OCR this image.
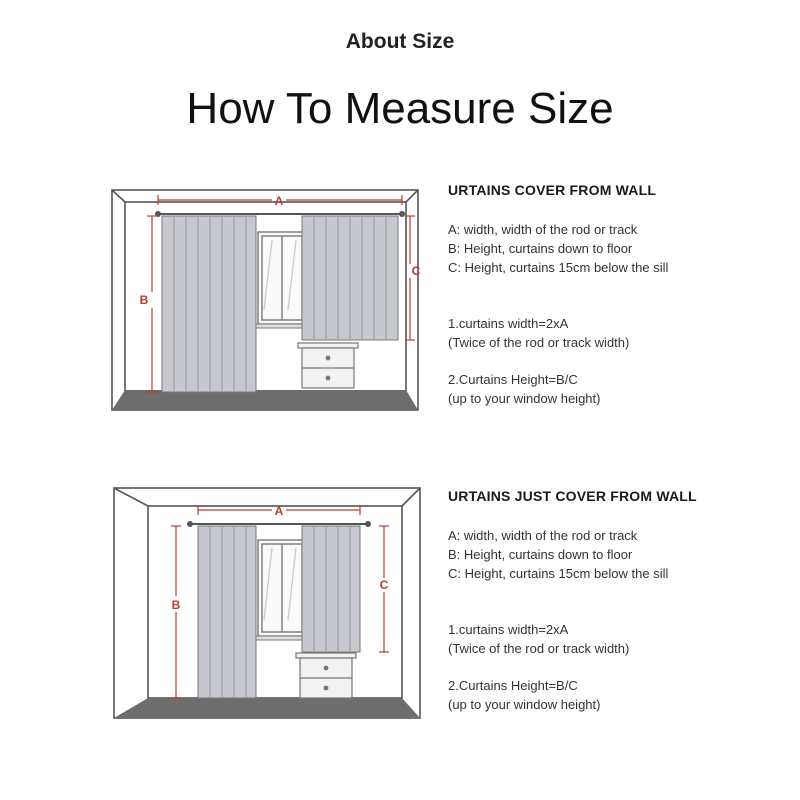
About Size
How To Measure Size
A
B
C
URTAINS COVER FROM WALL
A: width, width of the rod or track
B: Height, curtains down to floor
C: Height, curtains 15cm below the sill
1.curtains width=2xA
(Twice of the rod or track width)
2.Curtains Height=B/C
(up to your window height)
A
B
C
URTAINS JUST COVER FROM WALL
A: width, width of the rod or track
B: Height, curtains down to floor
C: Height, curtains 15cm below the sill
1.curtains width=2xA
(Twice of the rod or track width)
2.Curtains Height=B/C
(up to your window height)
